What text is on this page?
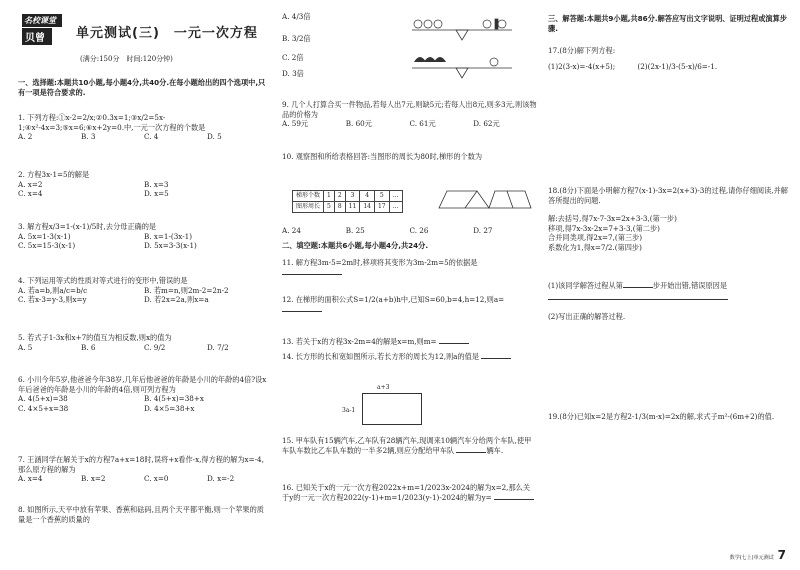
名校课堂
贝曾	单元测试(三)　一元一次方程
(满分:150分　时间:120分钟)

一、选择题:本题共10小题,每小题4分,共40分.在每小题给出的四个选项中,只有一项是符合要求的.

1. 下列方程:①x-2=2/x;②0.3x=1;③x/2=5x-1;④x²-4x=3;⑤x=6;⑥x+2y=0.中,一元一次方程的个数是

A. 2	B. 3	C. 4	D. 5

2. 方程3x-1=5的解是

A. x=2	B. x=3
C. x=4	D. x=5

3. 解方程x/3=1-(x-1)/5时,去分母正确的是

A. 5x=1-3(x-1)	B. x=1-(3x-1)
C. 5x=15-3(x-1)	D. 5x=3-3(x-1)

4. 下列运用等式的性质对等式进行的变形中,错误的是

A. 若a=b,则a/c=b/c	B. 若m=n,则2m-2=2n-2
C. 若x-3=y-3,则x=y	D. 若2x=2a,则x=a

5. 若式子1-3x和x+7的值互为相反数,则x的值为

A. 5	B. 6	C. 9/2	D. 7/2

6. 小川今年5岁,他爸爸今年38岁,几年后他爸爸的年龄是小川的年龄的4倍?设x年后爸爸的年龄是小川的年龄的4倍,则可列方程为

A. 4(5+x)=38	B. 4(5+x)=38+x
C. 4×5+x=38	D. 4×5=38+x

7. 王涵同学在解关于x的方程7a+x=18时,误将+x看作-x,得方程的解为x=-4,那么原方程的解为

A. x=4	B. x=2	C. x=0	D. x=-2

8. 如图所示,天平中放有苹果、香蕉和砝码,且两个天平都平衡,则一个苹果的质量是一个香蕉的质量的

A. 4/3倍

B. 3/2倍

C. 2倍

D. 3倍

9. 几个人打算合买一件物品,若每人出7元,则缺5元;若每人出8元,则多3元,则该物品的价格为

A. 59元	B. 60元	C. 61元	D. 62元

10. 观察图和所给表格回答:当图形的周长为80时,梯形的个数为

梯形个数	1	2	3	4	5	…
图形周长	5	8	11	14	17	…
A. 24	B. 25	C. 26	D. 27

二、填空题:本题共6小题,每小题4分,共24分.

11. 解方程3m-5=2m时,移项将其变形为3m-2m=5的依据是

12. 在梯形的面积公式S=1/2(a+b)h中,已知S=60,b=4,h=12,则a=

13. 若关于x的方程3x-2m=4的解是x=m,则m=

14. 长方形的长和宽如图所示,若长方形的周长为12,则a的值是

a+3
3a-1

15. 甲车队有15辆汽车,乙车队有28辆汽车,现调来10辆汽车分给两个车队,使甲车队车数比乙车队车数的一半多2辆,则应分配给甲车队	辆车.

16. 已知关于x的一元一次方程2022x+m=1/2023x-2024的解为x=2,那么关于y的一元一次方程2022(y-1)+m=1/2023(y-1)-2024的解为y=

三、解答题:本题共9小题,共86分.解答应写出文字说明、证明过程或演算步骤.

17.(8分)解下列方程:

(1)2(3-x)=-4(x+5);	(2)(2x-1)/3-(5-x)/6=-1.

18.(8分)下面是小明解方程7(x-1)-3x=2(x+3)-3的过程,请你仔细阅读,并解答所提出的问题.

解:去括号,得7x-7-3x=2x+3-3,(第一步)

移项,得7x-3x-2x=7+3-3,(第二步)

合并同类项,得2x=7,(第三步)

系数化为1,得x=7/2.(第四步)

(1)该同学解答过程从第	步开始出错,错误原因是

(2)写出正确的解答过程.

19.(8分)已知x=2是方程2-1/3(m-x)=2x的解,求式子m²-(6m+2)的值.

数学(七上)单元测试 7
